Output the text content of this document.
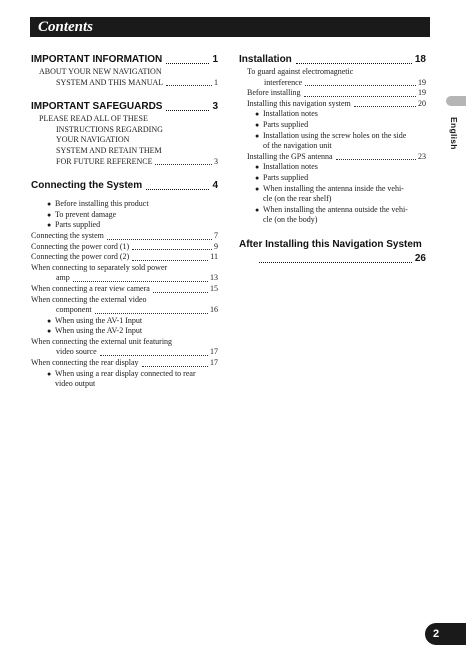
Contents
IMPORTANT INFORMATION	1
ABOUT YOUR NEW NAVIGATION
SYSTEM AND THIS MANUAL	1
IMPORTANT SAFEGUARDS	3
PLEASE READ ALL OF THESE
INSTRUCTIONS REGARDING
YOUR NAVIGATION
SYSTEM AND RETAIN THEM
FOR FUTURE REFERENCE	3
Connecting the System	4
● Before installing this product
● To prevent damage
● Parts supplied
Connecting the system	7
Connecting the power cord (1)	9
Connecting the power cord (2)	11
When connecting to separately sold power
amp	13
When connecting a rear view camera	15
When connecting the external video
component	16
● When using the AV-1 Input
● When using the AV-2 Input
When connecting the external unit featuring
video source	17
When connecting the rear display	17
● When using a rear display connected to rear
video output
Installation	18
To guard against electromagnetic
interference	19
Before installing	19
Installing this navigation system	20
● Installation notes
● Parts supplied
● Installation using the screw holes on the side
of the navigation unit
Installing the GPS antenna	23
● Installation notes
● Parts supplied
● When installing the antenna inside the vehi-
cle (on the rear shelf)
● When installing the antenna outside the vehi-
cle (on the body)
After Installing this Navigation System
26
English
2
